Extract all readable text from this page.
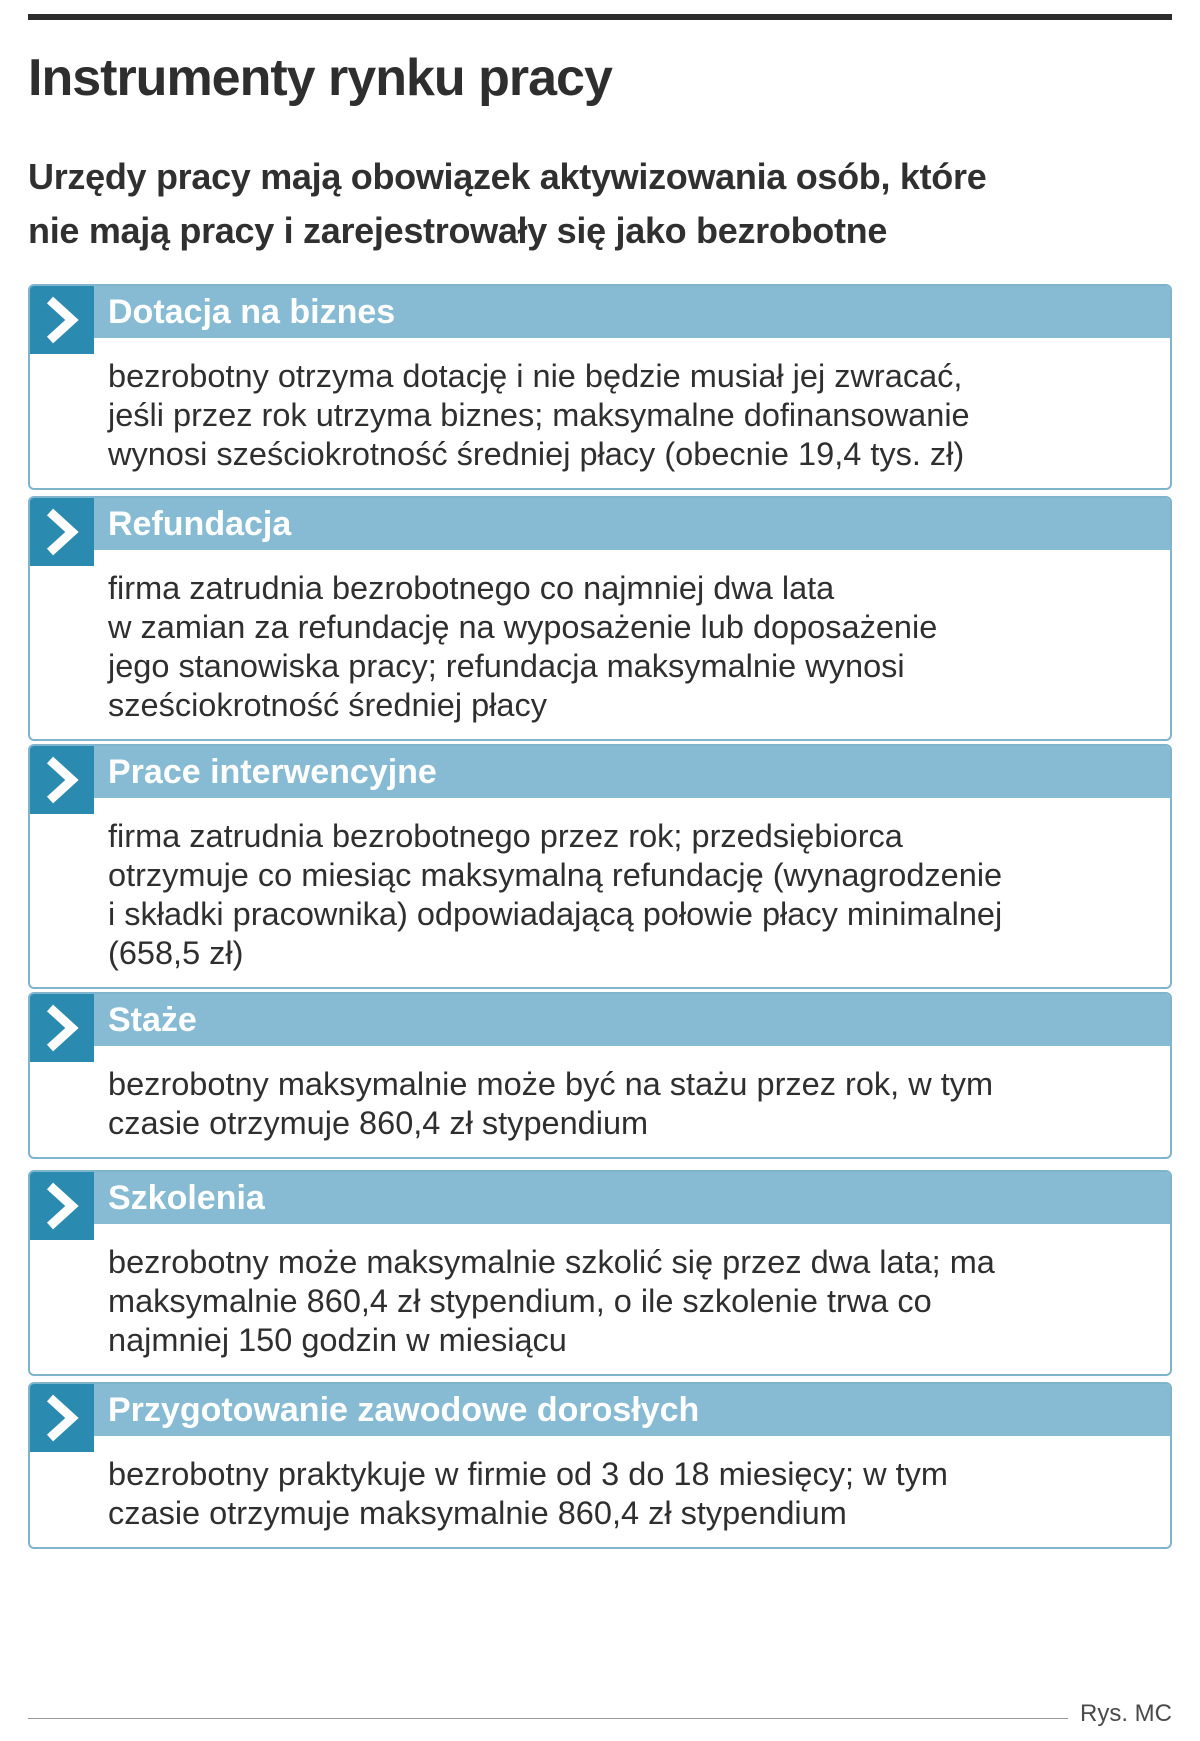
Instrumenty rynku pracy
Urzędy pracy mają obowiązek aktywizowania osób, które
nie mają pracy i zarejestrowały się jako bezrobotne
Dotacja na biznes
bezrobotny otrzyma dotację i nie będzie musiał jej zwracać,
jeśli przez rok utrzyma biznes; maksymalne dofinansowanie
wynosi sześciokrotność średniej płacy (obecnie 19,4 tys. zł)
Refundacja
firma zatrudnia bezrobotnego co najmniej dwa lata
w zamian za refundację na wyposażenie lub doposażenie
jego stanowiska pracy; refundacja maksymalnie wynosi
sześciokrotność średniej płacy
Prace interwencyjne
firma zatrudnia bezrobotnego przez rok; przedsiębiorca
otrzymuje co miesiąc maksymalną refundację (wynagrodzenie
i składki pracownika) odpowiadającą połowie płacy minimalnej
(658,5 zł)
Staże
bezrobotny maksymalnie może być na stażu przez rok, w tym
czasie otrzymuje 860,4 zł stypendium
Szkolenia
bezrobotny może maksymalnie szkolić się przez dwa lata; ma
maksymalnie 860,4 zł stypendium, o ile szkolenie trwa co
najmniej 150 godzin w miesiącu
Przygotowanie zawodowe dorosłych
bezrobotny praktykuje w firmie od 3 do 18 miesięcy; w tym
czasie otrzymuje maksymalnie 860,4 zł stypendium
Rys. MC
